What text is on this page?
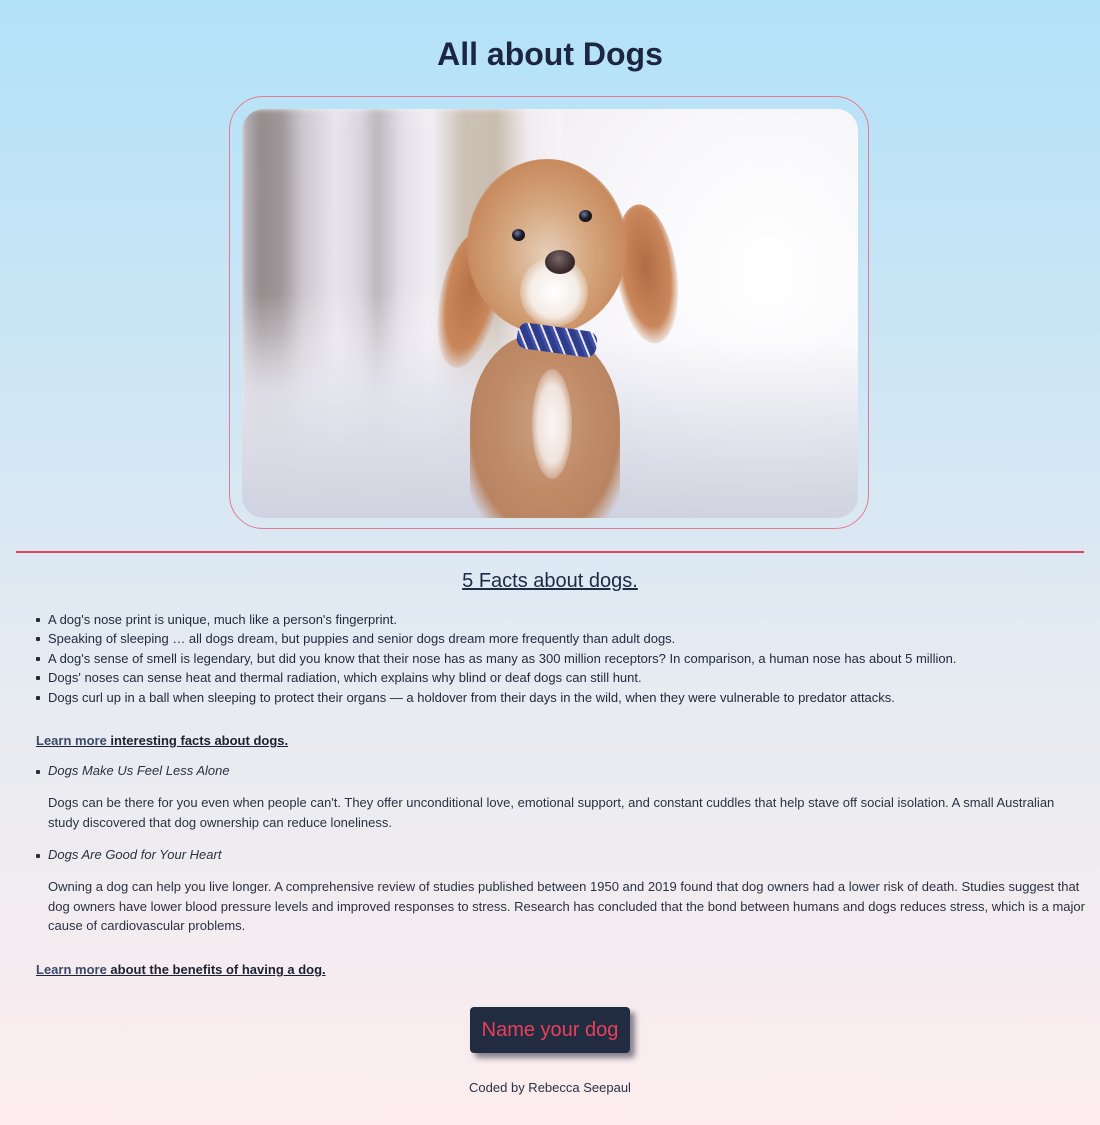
All about Dogs
5 Facts about dogs.
A dog's nose print is unique, much like a person's fingerprint.
Speaking of sleeping … all dogs dream, but puppies and senior dogs dream more frequently than adult dogs.
A dog's sense of smell is legendary, but did you know that their nose has as many as 300 million receptors? In comparison, a human nose has about 5 million.
Dogs' noses can sense heat and thermal radiation, which explains why blind or deaf dogs can still hunt.
Dogs curl up in a ball when sleeping to protect their organs — a holdover from their days in the wild, when they were vulnerable to predator attacks.
Learn more interesting facts about dogs.
Dogs Make Us Feel Less Alone

Dogs can be there for you even when people can't. They offer unconditional love, emotional support, and constant cuddles that help stave off social isolation. A small Australian study discovered that dog ownership can reduce loneliness.

Dogs Are Good for Your Heart

Owning a dog can help you live longer. A comprehensive review of studies published between 1950 and 2019 found that dog owners had a lower risk of death. Studies suggest that dog owners have lower blood pressure levels and improved responses to stress. Research has concluded that the bond between humans and dogs reduces stress, which is a major cause of cardiovascular problems.

Learn more about the benefits of having a dog.
Name your dog
Coded by Rebecca Seepaul
